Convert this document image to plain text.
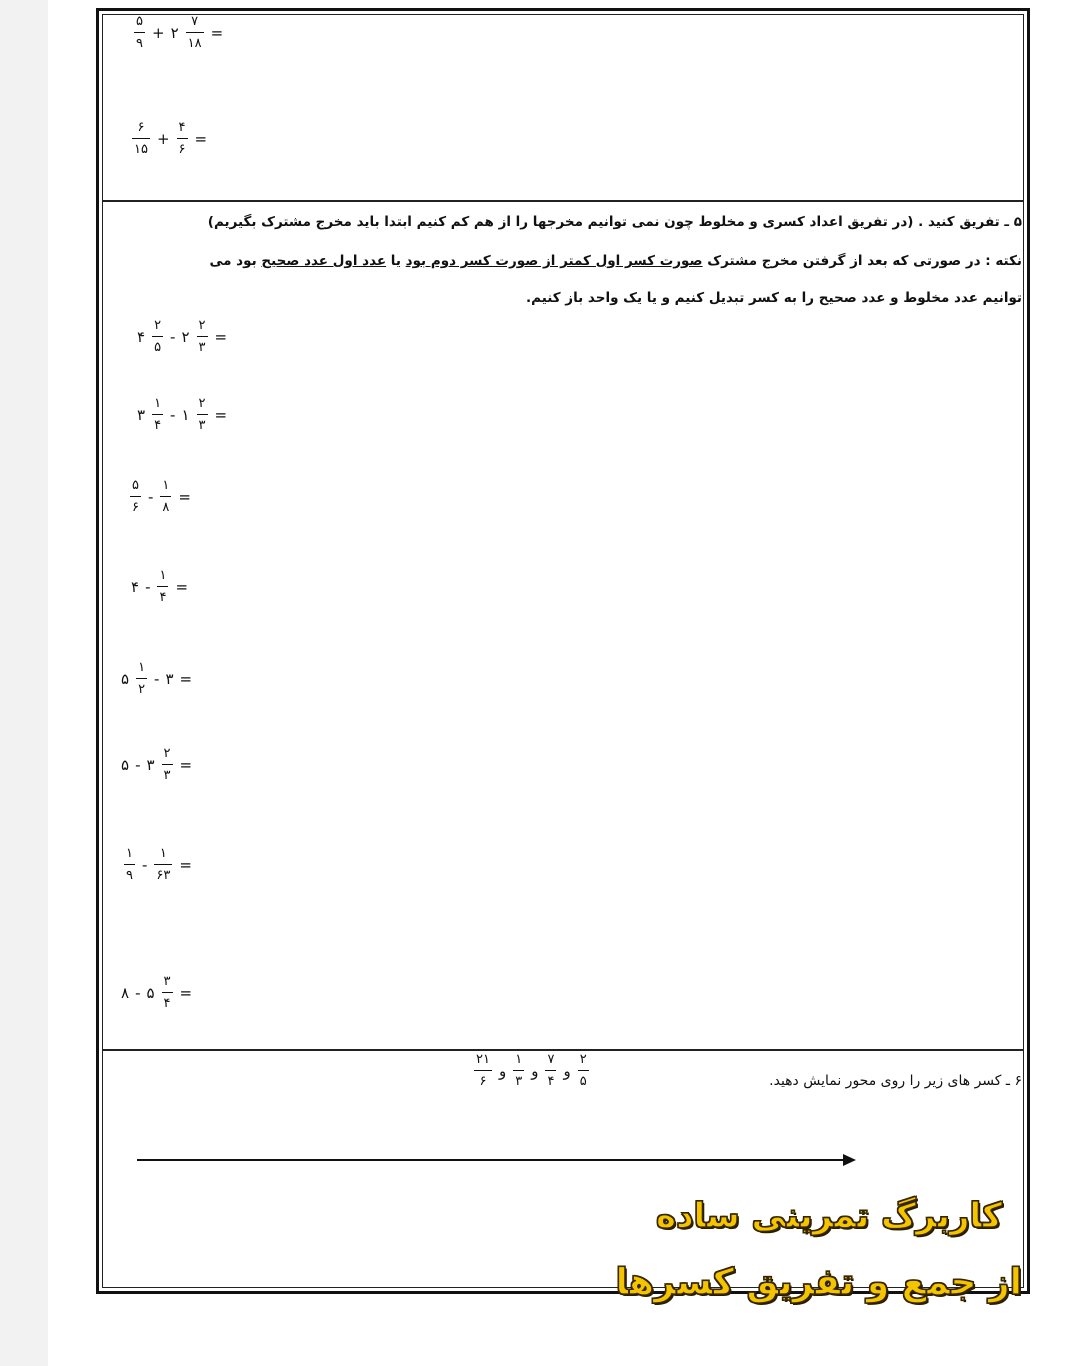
$\frac{۵}{۹}$ + ۲ $\frac{۷}{۱۸}$ =
$\frac{۶}{۱۵} + \frac{۴}{۶}$ =
۵ ـ تفریق کنید . (در تفریق اعداد کسری و مخلوط چون نمی توانیم مخرجها را از هم کم کنیم ابتدا باید مخرج مشترک بگیریم)
نکته : در صورتی که بعد از گرفتن مخرج مشترک صورت کسر اول کمتر از صورت کسر دوم بود یا عدد اول عدد صحیح بود می
توانیم عدد مخلوط و عدد صحیح را به کسر تبدیل کنیم و یا یک واحد باز کنیم.
۴ $\frac{۲}{۵}$ - ۲ $\frac{۲}{۳}$ =
۳ $\frac{۱}{۴}$ - ۱ $\frac{۲}{۳}$ =
$\frac{۵}{۶} - \frac{۱}{۸}$ =
۴ - $\frac{۱}{۴}$ =
۵ $\frac{۱}{۲}$ - ۳ =
۵ - ۳ $\frac{۲}{۳}$ =
$\frac{۱}{۹} - \frac{۱}{۶۳}$ =
۸ - ۵ $\frac{۳}{۴}$ =
۶ ـ کسر های زیر را روی محور نمایش دهید.
$\frac{۲}{۵}$
و
$\frac{۷}{۴}$
و
$\frac{۱}{۳}$
و
$\frac{۲۱}{۶}$
کاربرگ تمرینی ساده
از جمع و تفریق کسرها
